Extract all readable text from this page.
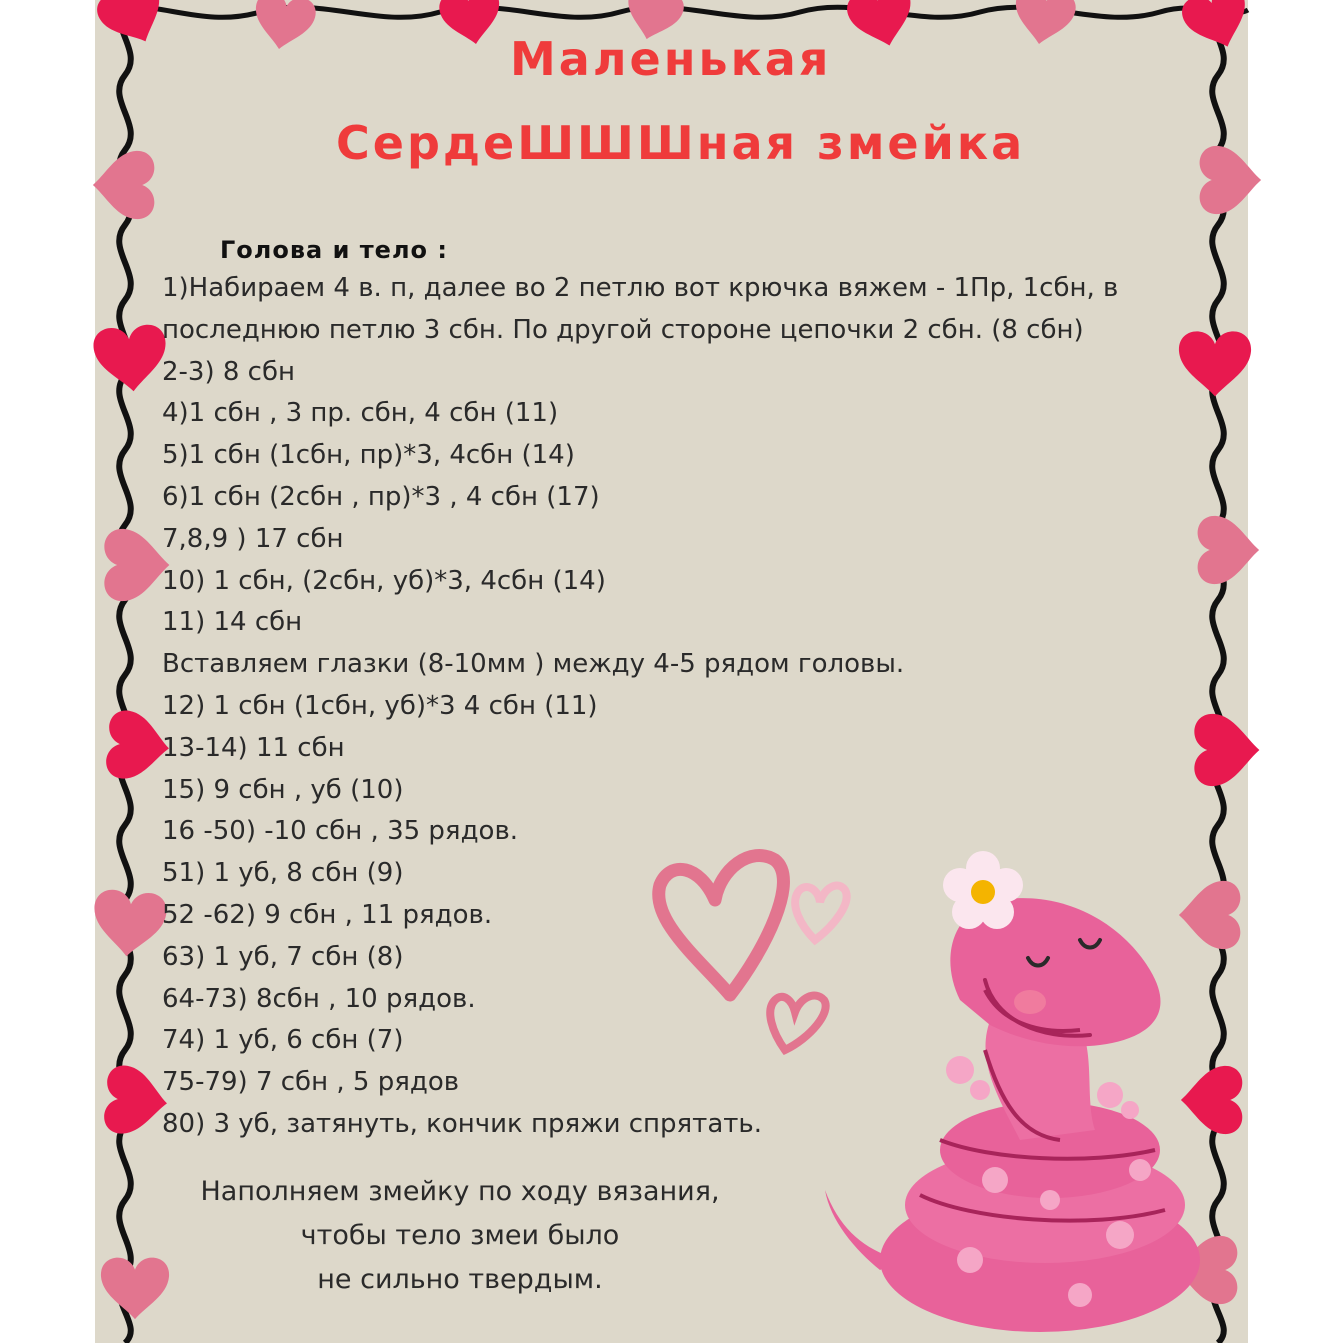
Маленькая
СердеШШШная змейка
Голова и тело :
1)Набираем 4 в. п, далее во 2 петлю вот крючка вяжем - 1Пр, 1сбн, в
последнюю петлю 3 сбн. По другой стороне цепочки 2 сбн. (8 сбн)
2-3) 8 сбн
4)1 сбн , 3 пр. сбн, 4 сбн (11)
5)1 сбн (1сбн, пр)*3, 4сбн (14)
6)1 сбн (2сбн , пр)*3 , 4 сбн (17)
7,8,9 ) 17 сбн
10) 1 сбн, (2сбн, уб)*3, 4сбн (14)
11) 14 сбн
Вставляем глазки (8-10мм ) между 4-5 рядом головы.
12) 1 сбн (1сбн, уб)*3 4 сбн (11)
13-14) 11 сбн
15) 9 сбн , уб (10)
16 -50) -10 сбн , 35 рядов.
51) 1 уб, 8 сбн (9)
52 -62) 9 сбн , 11 рядов.
63) 1 уб, 7 сбн (8)
64-73) 8сбн , 10 рядов.
74) 1 уб, 6 сбн (7)
75-79) 7 сбн , 5 рядов
80) 3 уб, затянуть, кончик пряжи спрятать.
Наполняем змейку по ходу вязания,
чтобы тело змеи было
не сильно твердым.
